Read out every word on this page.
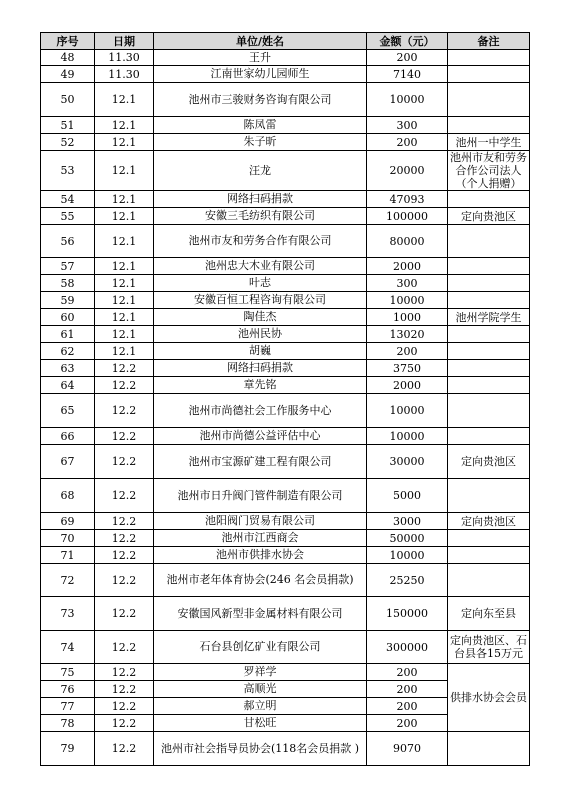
序号	日期	单位/姓名	金额（元）	备注
48	11.30	王升	200	
49	11.30	江南世家幼儿园师生	7140	
50	12.1	池州市三骏财务咨询有限公司	10000	
51	12.1	陈凤雷	300	
52	12.1	朱子昕	200	池州一中学生
53	12.1	汪龙	20000	池州市友和劳务合作公司法人（个人捐赠）
54	12.1	网络扫码捐款	47093	
55	12.1	安徽三毛纺织有限公司	100000	定向贵池区
56	12.1	池州市友和劳务合作有限公司	80000	
57	12.1	池州忠大木业有限公司	2000	
58	12.1	叶志	300	
59	12.1	安徽百恒工程咨询有限公司	10000	
60	12.1	陶佳杰	1000	池州学院学生
61	12.1	池州民协	13020	
62	12.1	胡巍	200	
63	12.2	网络扫码捐款	3750	
64	12.2	章先铭	2000	
65	12.2	池州市尚德社会工作服务中心	10000	
66	12.2	池州市尚德公益评估中心	10000	
67	12.2	池州市宝源矿建工程有限公司	30000	定向贵池区
68	12.2	池州市日升阀门管件制造有限公司	5000	
69	12.2	池阳阀门贸易有限公司	3000	定向贵池区
70	12.2	池州市江西商会	50000	
71	12.2	池州市供排水协会	10000	
72	12.2	池州市老年体育协会(246 名会员捐款)	25250	
73	12.2	安徽国风新型非金属材料有限公司	150000	定向东至县
74	12.2	石台县创亿矿业有限公司	300000	定向贵池区、石台县各15万元
75	12.2	罗祥学	200	供排水协会会员
76	12.2	高顺光	200	
77	12.2	郝立明	200	
78	12.2	甘松旺	200	
79	12.2	池州市社会指导员协会(118名会员捐款 )	9070	
